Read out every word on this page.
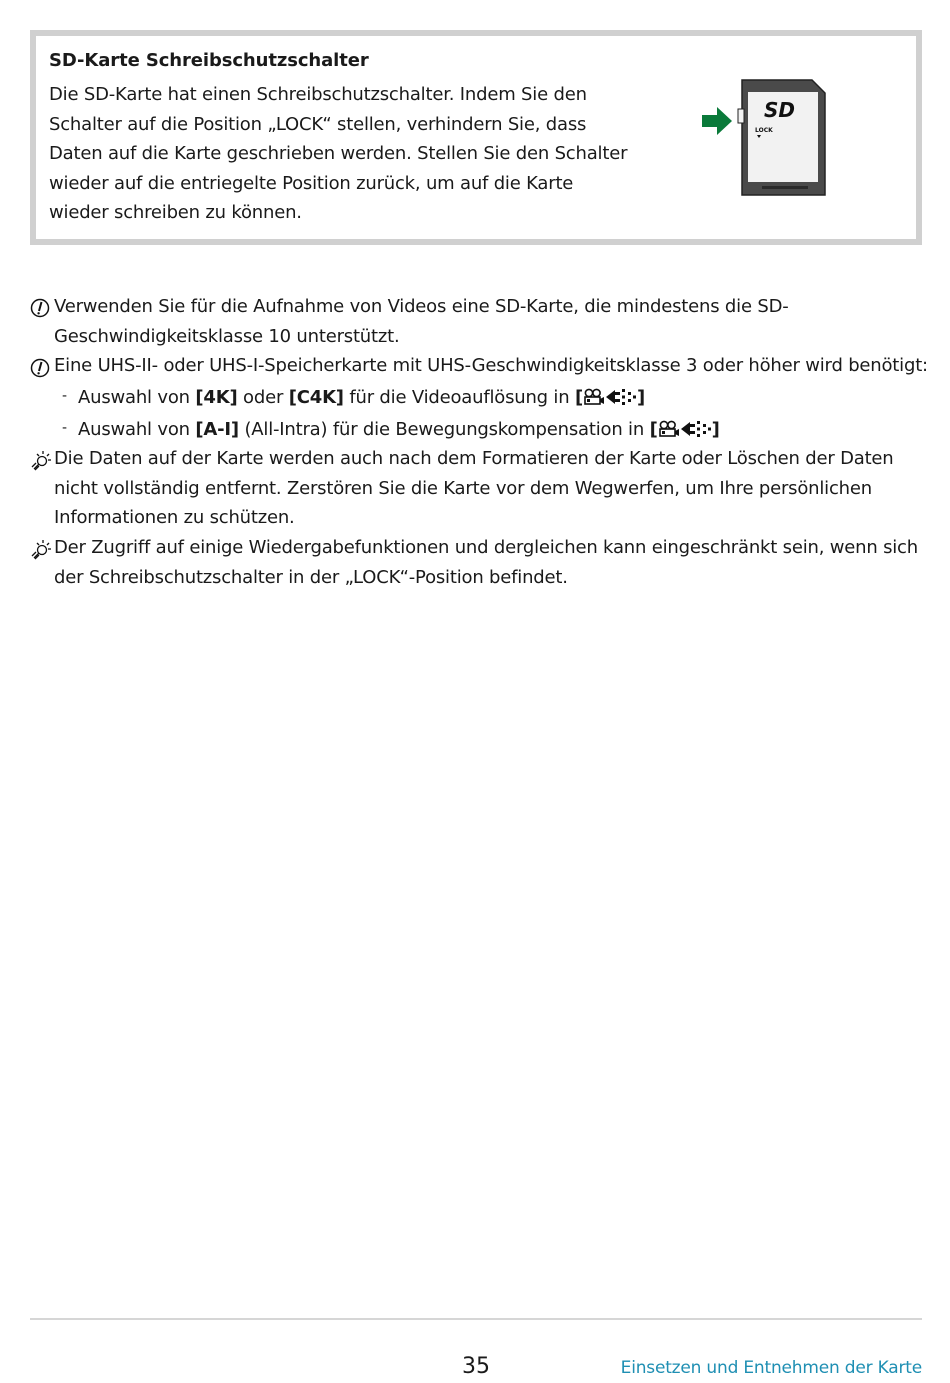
SD-Karte Schreibschutzschalter
Die SD-Karte hat einen Schreibschutzschalter. Indem Sie den
Schalter auf die Position „LOCK“ stellen, verhindern Sie, dass
Daten auf die Karte geschrieben werden. Stellen Sie den Schalter
wieder auf die entriegelte Position zurück, um auf die Karte
wieder schreiben zu können.
SD
LOCK
Verwenden Sie für die Aufnahme von Videos eine SD-Karte, die mindestens die SD-
Geschwindigkeitsklasse 10 unterstützt.
Eine UHS-II- oder UHS-I-Speicherkarte mit UHS-Geschwindigkeitsklasse 3 oder höher wird benötigt:
- Auswahl von [4K] oder [C4K] für die Videoauflösung in [	]
- Auswahl von [A-I] (All-Intra) für die Bewegungskompensation in [	]
Die Daten auf der Karte werden auch nach dem Formatieren der Karte oder Löschen der Daten
nicht vollständig entfernt. Zerstören Sie die Karte vor dem Wegwerfen, um Ihre persönlichen
Informationen zu schützen.
Der Zugriff auf einige Wiedergabefunktionen und dergleichen kann eingeschränkt sein, wenn sich
der Schreibschutzschalter in der „LOCK“-Position befindet.
35	Einsetzen und Entnehmen der Karte
